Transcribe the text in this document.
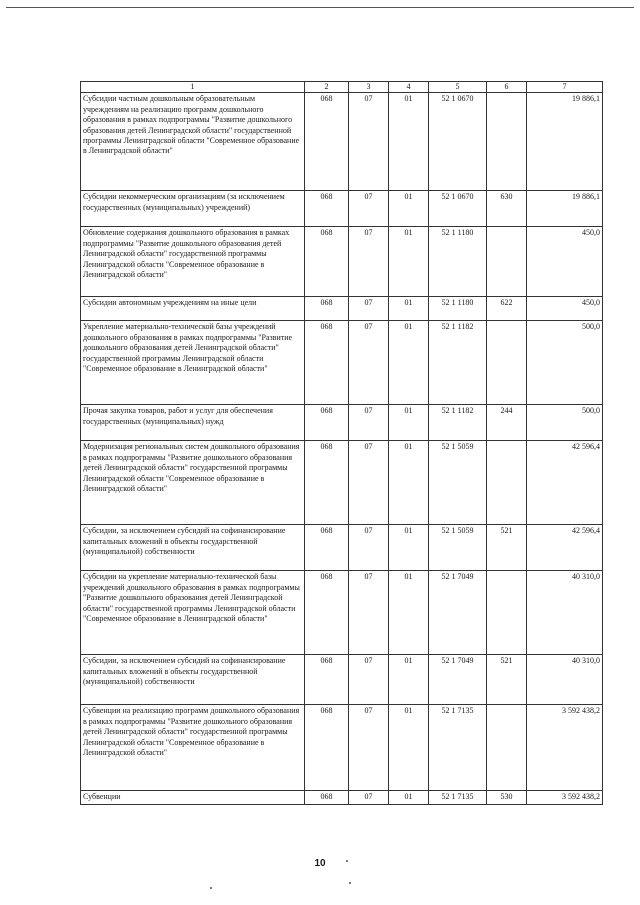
1	2	3	4	5	6	7
Субсидии частным дошкольным образовательным учреждениям на реализацию программ дошкольного образования в рамках подпрограммы "Развитие дошкольного образования детей Ленинградской области" государственной программы Ленинградской области "Современное образование в Ленинградской области"	068	07	01	52 1 0670		19 886,1
Субсидии некоммерческим организациям (за исключением государственных (муниципальных) учреждений)	068	07	01	52 1 0670	630	19 886,1
Обновление содержания дошкольного образования в рамках подпрограммы "Развитие дошкольного образования детей Ленинградской области" государственной программы Ленинградской области "Современное образование в Ленинградской области"	068	07	01	52 1 1180		450,0
Субсидии автономным учреждениям на иные цели	068	07	01	52 1 1180	622	450,0
Укрепление материально-технической базы учреждений дошкольного образования в рамках подпрограммы "Развитие дошкольного образования детей Ленинградской области" государственной программы Ленинградской области "Современное образование в Ленинградской области"	068	07	01	52 1 1182		500,0
Прочая закупка товаров, работ и услуг для обеспечения государственных (муниципальных) нужд	068	07	01	52 1 1182	244	500,0
Модернизация региональных систем дошкольного образования в рамках подпрограммы "Развитие дошкольного образования детей Ленинградской области" государственной программы Ленинградской области "Современное образование в Ленинградской области"	068	07	01	52 1 5059		42 596,4
Субсидии, за исключением субсидий на софинансирование капитальных вложений в объекты государственной (муниципальной) собственности	068	07	01	52 1 5059	521	42 596,4
Субсидии на укрепление материально-технической базы учреждений дошкольного образования в рамках подпрограммы "Развитие дошкольного образования детей Ленинградской области" государственной программы Ленинградской области "Современное образование в Ленинградской области"	068	07	01	52 1 7049		40 310,0
Субсидии, за исключением субсидий на софинансирование капитальных вложений в объекты государственной (муниципальной) собственности	068	07	01	52 1 7049	521	40 310,0
Субвенции на реализацию программ дошкольного образования в рамках подпрограммы "Развитие дошкольного образования детей Ленинградской области" государственной программы Ленинградской области "Современное образование в Ленинградской области"	068	07	01	52 1 7135		3 592 438,2
Субвенции	068	07	01	52 1 7135	530	3 592 438,2
10
